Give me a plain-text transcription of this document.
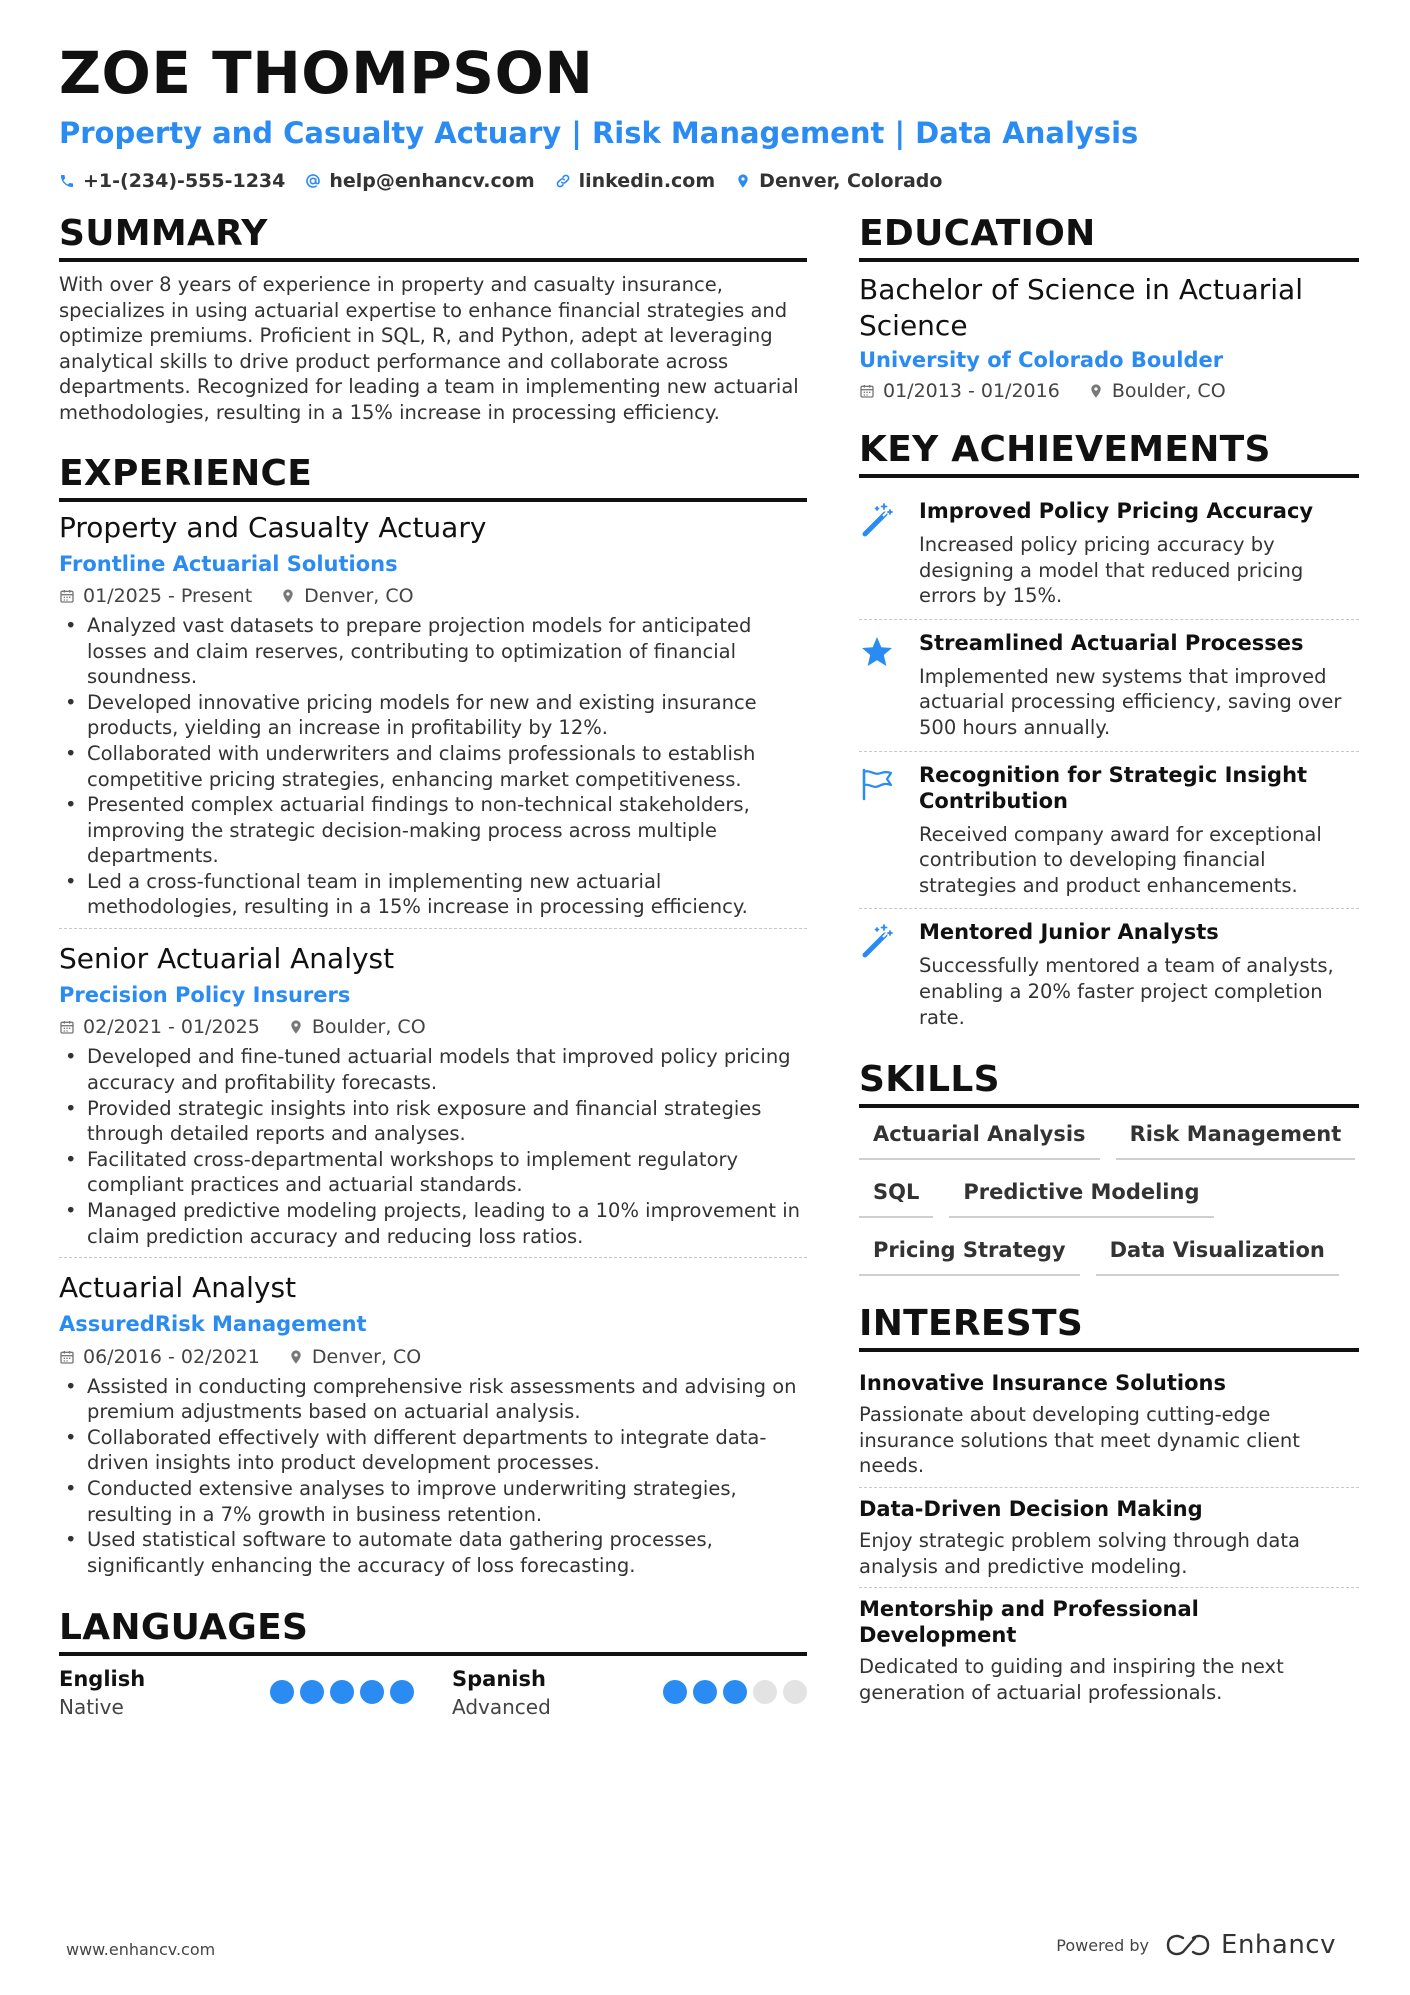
ZOE THOMPSON
Property and Casualty Actuary | Risk Management | Data Analysis
+1-(234)-555-1234 help@enhancv.com linkedin.com Denver, Colorado
SUMMARY
With over 8 years of experience in property and casualty insurance, specializes in using actuarial expertise to enhance financial strategies and optimize premiums. Proficient in SQL, R, and Python, adept at leveraging analytical skills to drive product performance and collaborate across departments. Recognized for leading a team in implementing new actuarial methodologies, resulting in a 15% increase in processing efficiency.
EXPERIENCE
Property and Casualty Actuary
Frontline Actuarial Solutions
01/2025 - Present	Denver, CO
• Analyzed vast datasets to prepare projection models for anticipated losses and claim reserves, contributing to optimization of financial soundness.
• Developed innovative pricing models for new and existing insurance products, yielding an increase in profitability by 12%.
• Collaborated with underwriters and claims professionals to establish competitive pricing strategies, enhancing market competitiveness.
• Presented complex actuarial findings to non-technical stakeholders, improving the strategic decision-making process across multiple departments.
• Led a cross-functional team in implementing new actuarial methodologies, resulting in a 15% increase in processing efficiency.
Senior Actuarial Analyst
Precision Policy Insurers
02/2021 - 01/2025	Boulder, CO
• Developed and fine-tuned actuarial models that improved policy pricing accuracy and profitability forecasts.
• Provided strategic insights into risk exposure and financial strategies through detailed reports and analyses.
• Facilitated cross-departmental workshops to implement regulatory compliant practices and actuarial standards.
• Managed predictive modeling projects, leading to a 10% improvement in claim prediction accuracy and reducing loss ratios.
Actuarial Analyst
AssuredRisk Management
06/2016 - 02/2021	Denver, CO
• Assisted in conducting comprehensive risk assessments and advising on premium adjustments based on actuarial analysis.
• Collaborated effectively with different departments to integrate data-driven insights into product development processes.
• Conducted extensive analyses to improve underwriting strategies, resulting in a 7% growth in business retention.
• Used statistical software to automate data gathering processes, significantly enhancing the accuracy of loss forecasting.
LANGUAGES
English
Native
Spanish
Advanced
EDUCATION
Bachelor of Science in Actuarial Science
University of Colorado Boulder
01/2013 - 01/2016	Boulder, CO
KEY ACHIEVEMENTS
Improved Policy Pricing Accuracy
Increased policy pricing accuracy by designing a model that reduced pricing errors by 15%.
Streamlined Actuarial Processes
Implemented new systems that improved actuarial processing efficiency, saving over 500 hours annually.
Recognition for Strategic Insight Contribution
Received company award for exceptional contribution to developing financial strategies and product enhancements.
Mentored Junior Analysts
Successfully mentored a team of analysts, enabling a 20% faster project completion rate.
SKILLS
Actuarial Analysis	Risk Management
SQL	Predictive Modeling
Pricing Strategy	Data Visualization
INTERESTS
Innovative Insurance Solutions
Passionate about developing cutting-edge insurance solutions that meet dynamic client needs.
Data-Driven Decision Making
Enjoy strategic problem solving through data analysis and predictive modeling.
Mentorship and Professional Development
Dedicated to guiding and inspiring the next generation of actuarial professionals.
www.enhancv.com	Powered by	Enhancv
